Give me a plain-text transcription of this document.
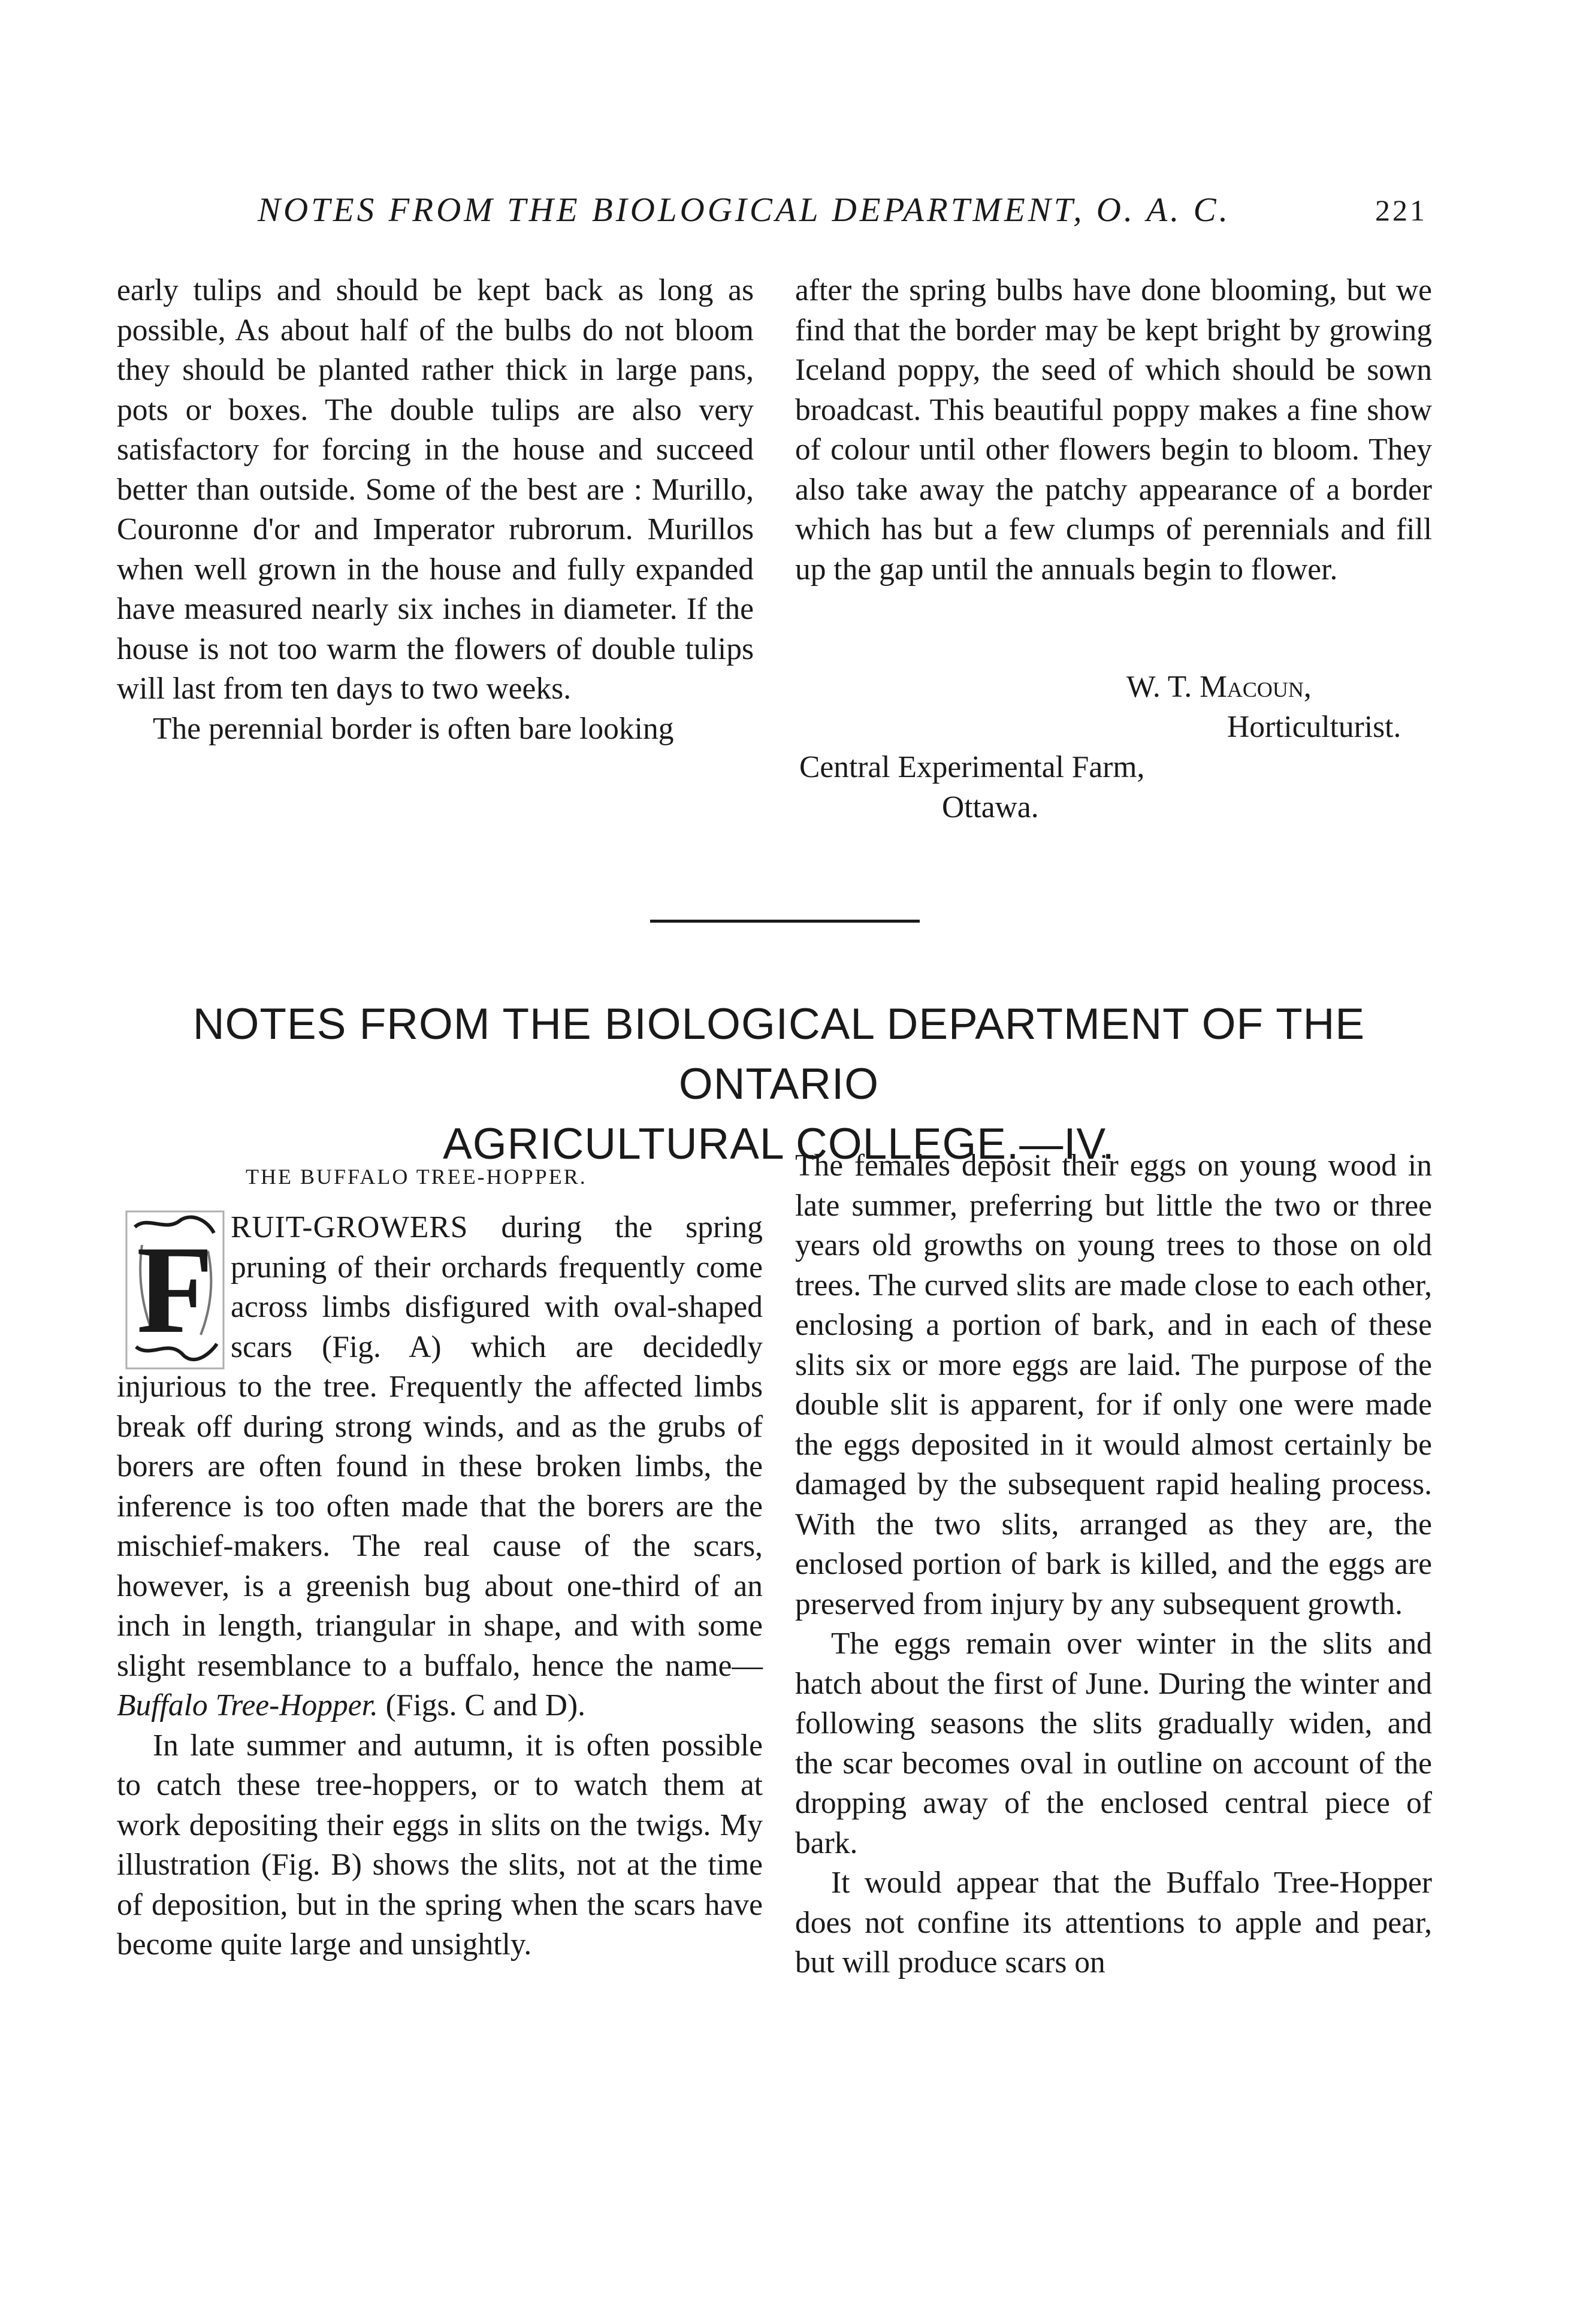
NOTES FROM THE BIOLOGICAL DEPARTMENT, O. A. C.	221

early tulips and should be kept back as long as possible, As about half of the bulbs do not bloom they should be planted rather thick in large pans, pots or boxes. The double tulips are also very satisfactory for forcing in the house and succeed better than outside. Some of the best are : Murillo, Couronne d'or and Imperator rubrorum. Murillos when well grown in the house and fully expanded have measured nearly six inches in diameter. If the house is not too warm the flowers of double tulips will last from ten days to two weeks.

The perennial border is often bare looking

after the spring bulbs have done blooming, but we find that the border may be kept bright by growing Iceland poppy, the seed of which should be sown broadcast. This beautiful poppy makes a fine show of colour until other flowers begin to bloom. They also take away the patchy appearance of a border which has but a few clumps of perennials and fill up the gap until the annuals begin to flower.

W. T. Macoun,
Horticulturist.
Central Experimental Farm,
Ottawa.
NOTES FROM THE BIOLOGICAL DEPARTMENT OF THE ONTARIO
AGRICULTURAL COLLEGE.—IV.
THE BUFFALO TREE-HOPPER.

RUIT-GROWERS during the spring pruning of their orchards frequently come across limbs disfigured with oval-shaped scars (Fig. A) which are decidedly injurious to the tree. Frequently the affected limbs break off during strong winds, and as the grubs of borers are often found in these broken limbs, the inference is too often made that the borers are the mischief-makers. The real cause of the scars, however, is a greenish bug about one-third of an inch in length, triangular in shape, and with some slight resemblance to a buffalo, hence the name—Buffalo Tree-Hopper. (Figs. C and D).

In late summer and autumn, it is often possible to catch these tree-hoppers, or to watch them at work depositing their eggs in slits on the twigs. My illustration (Fig. B) shows the slits, not at the time of deposition, but in the spring when the scars have become quite large and unsightly.

F

The females deposit their eggs on young wood in late summer, preferring but little the two or three years old growths on young trees to those on old trees. The curved slits are made close to each other, enclosing a portion of bark, and in each of these slits six or more eggs are laid. The purpose of the double slit is apparent, for if only one were made the eggs deposited in it would almost certainly be damaged by the subsequent rapid healing process. With the two slits, arranged as they are, the enclosed portion of bark is killed, and the eggs are preserved from injury by any subsequent growth.

The eggs remain over winter in the slits and hatch about the first of June. During the winter and following seasons the slits gradually widen, and the scar becomes oval in outline on account of the dropping away of the enclosed central piece of bark.

It would appear that the Buffalo Tree-Hopper does not confine its attentions to apple and pear, but will produce scars on
